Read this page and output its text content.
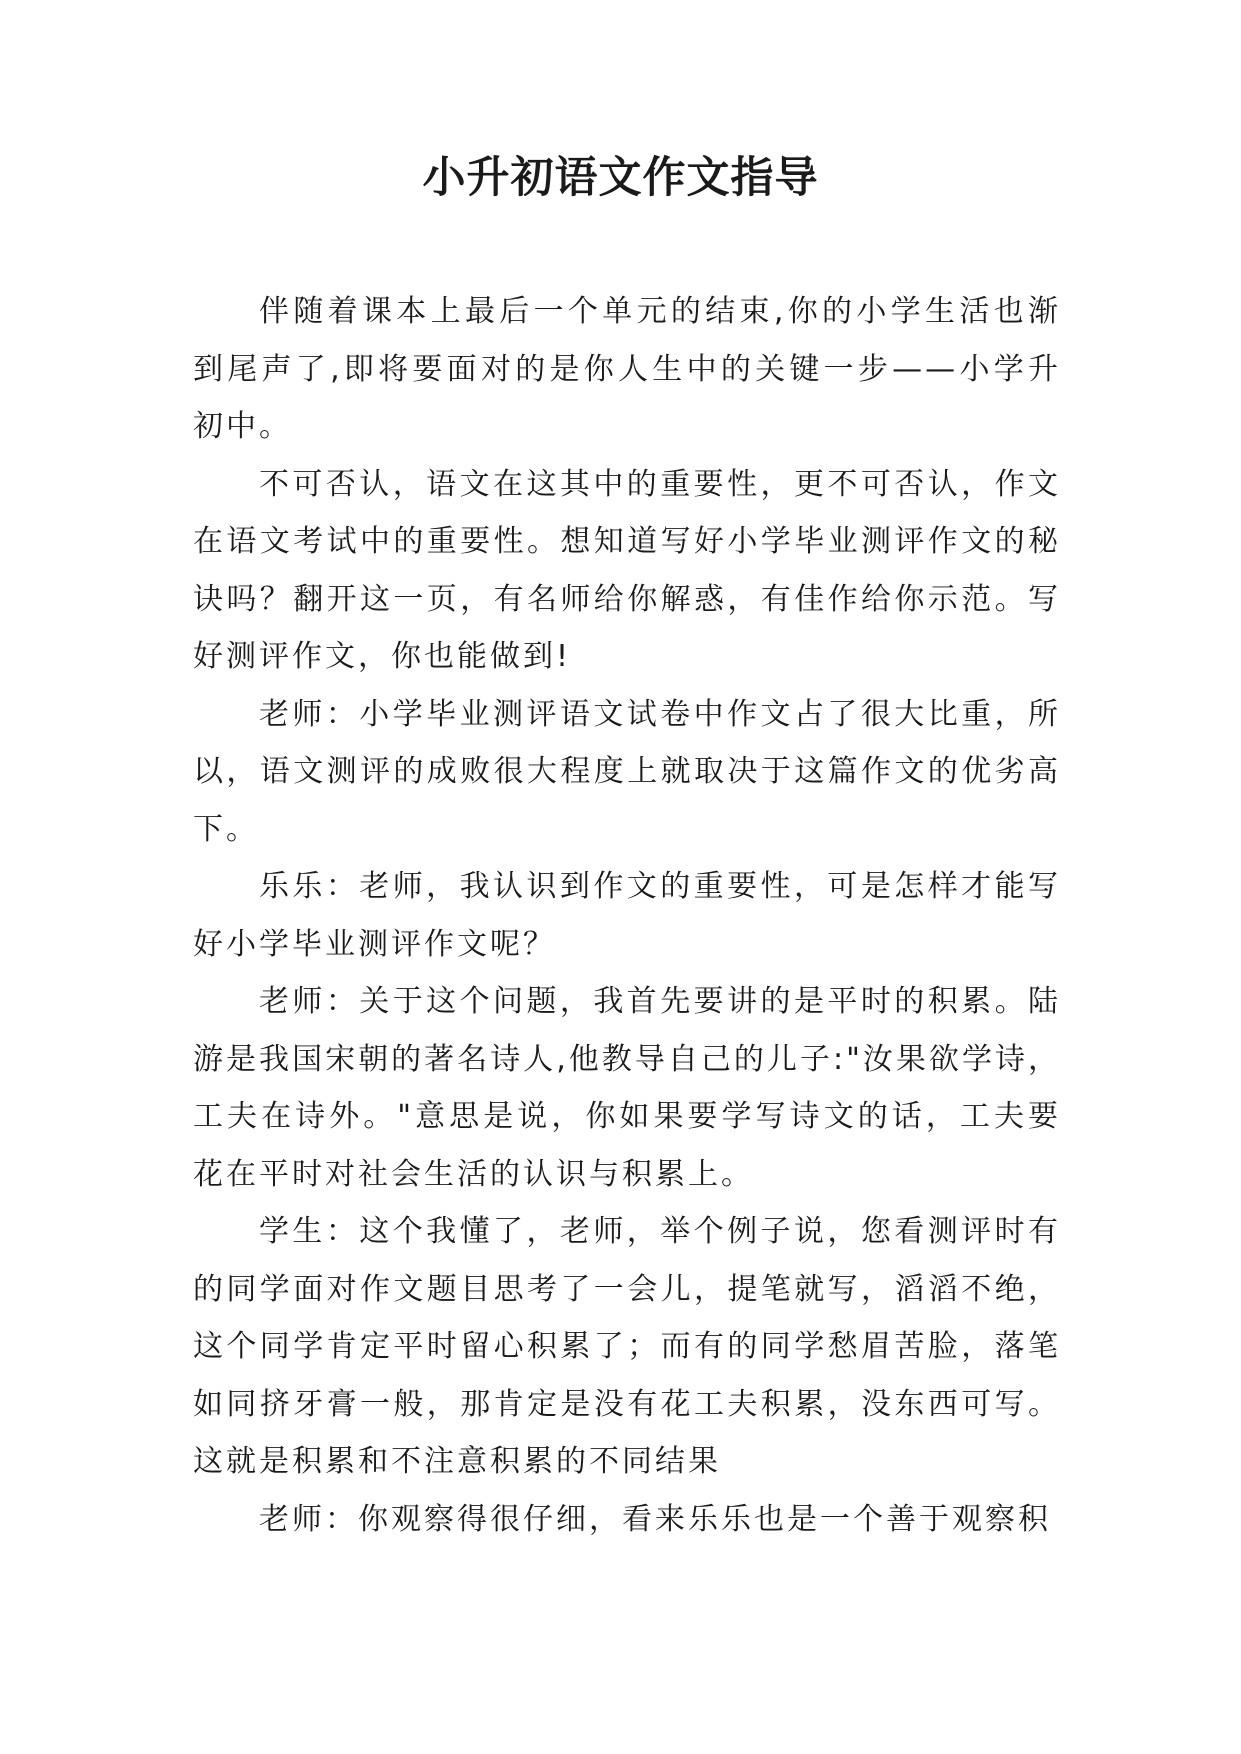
小升初语文作文指导

伴随着课本上最后一个单元的结束,你的小学生活也渐到尾声了,即将要面对的是你人生中的关键一步——小学升初中。

不可否认，语文在这其中的重要性，更不可否认，作文在语文考试中的重要性。想知道写好小学毕业测评作文的秘诀吗？翻开这一页，有名师给你解惑，有佳作给你示范。写好测评作文，你也能做到!

老师：小学毕业测评语文试卷中作文占了很大比重，所以，语文测评的成败很大程度上就取决于这篇作文的优劣高下。

乐乐：老师，我认识到作文的重要性，可是怎样才能写好小学毕业测评作文呢？

老师：关于这个问题，我首先要讲的是平时的积累。陆游是我国宋朝的著名诗人,他教导自己的儿子:"汝果欲学诗，工夫在诗外。"意思是说，你如果要学写诗文的话，工夫要花在平时对社会生活的认识与积累上。

学生：这个我懂了，老师，举个例子说，您看测评时有的同学面对作文题目思考了一会儿，提笔就写，滔滔不绝，这个同学肯定平时留心积累了；而有的同学愁眉苦脸，落笔如同挤牙膏一般，那肯定是没有花工夫积累，没东西可写。这就是积累和不注意积累的不同结果

老师：你观察得很仔细，看来乐乐也是一个善于观察积
